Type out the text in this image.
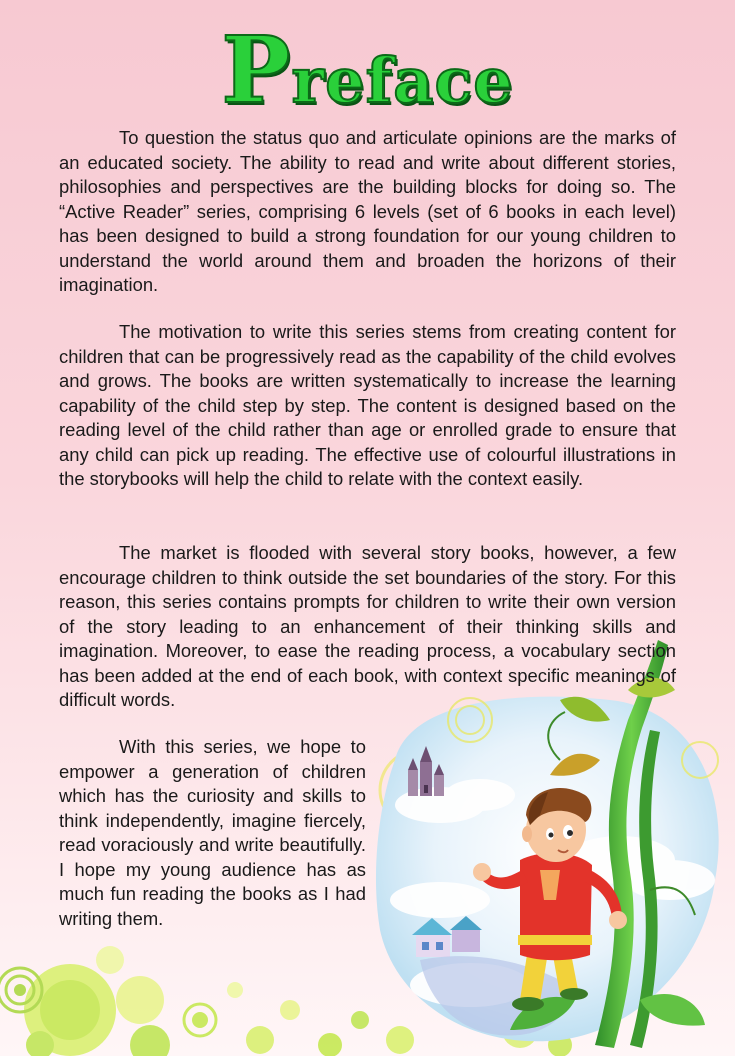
Preface

To question the status quo and articulate opinions are the marks of an educated society. The ability to read and write about different stories, philosophies and perspectives are the building blocks for doing so. The “Active Reader” series, comprising 6 levels (set of 6 books in each level) has been designed to build a strong foundation for our young children to understand the world around them and broaden the horizons of their imagination.

The motivation to write this series stems from creating content for children that can be progressively read as the capability of the child evolves and grows. The books are written systematically to increase the learning capability of the child step by step. The content is designed based on the reading level of the child rather than age or enrolled grade to ensure that any child can pick up reading. The effective use of colourful illustrations in the storybooks will help the child to relate with the context easily.

The market is flooded with several story books, however, a few encourage children to think outside the set boundaries of the story. For this reason, this series contains prompts for children to write their own version of the story leading to an enhancement of their thinking skills and imagination. Moreover, to ease the reading process, a vocabulary section has been added at the end of each book, with context specific meanings of difficult words.

With this series, we hope to empower a generation of children which has the curiosity and skills to think independently, imagine fiercely, read voraciously and write beautifully. I hope my young audience has as much fun reading the books as I had writing them.
